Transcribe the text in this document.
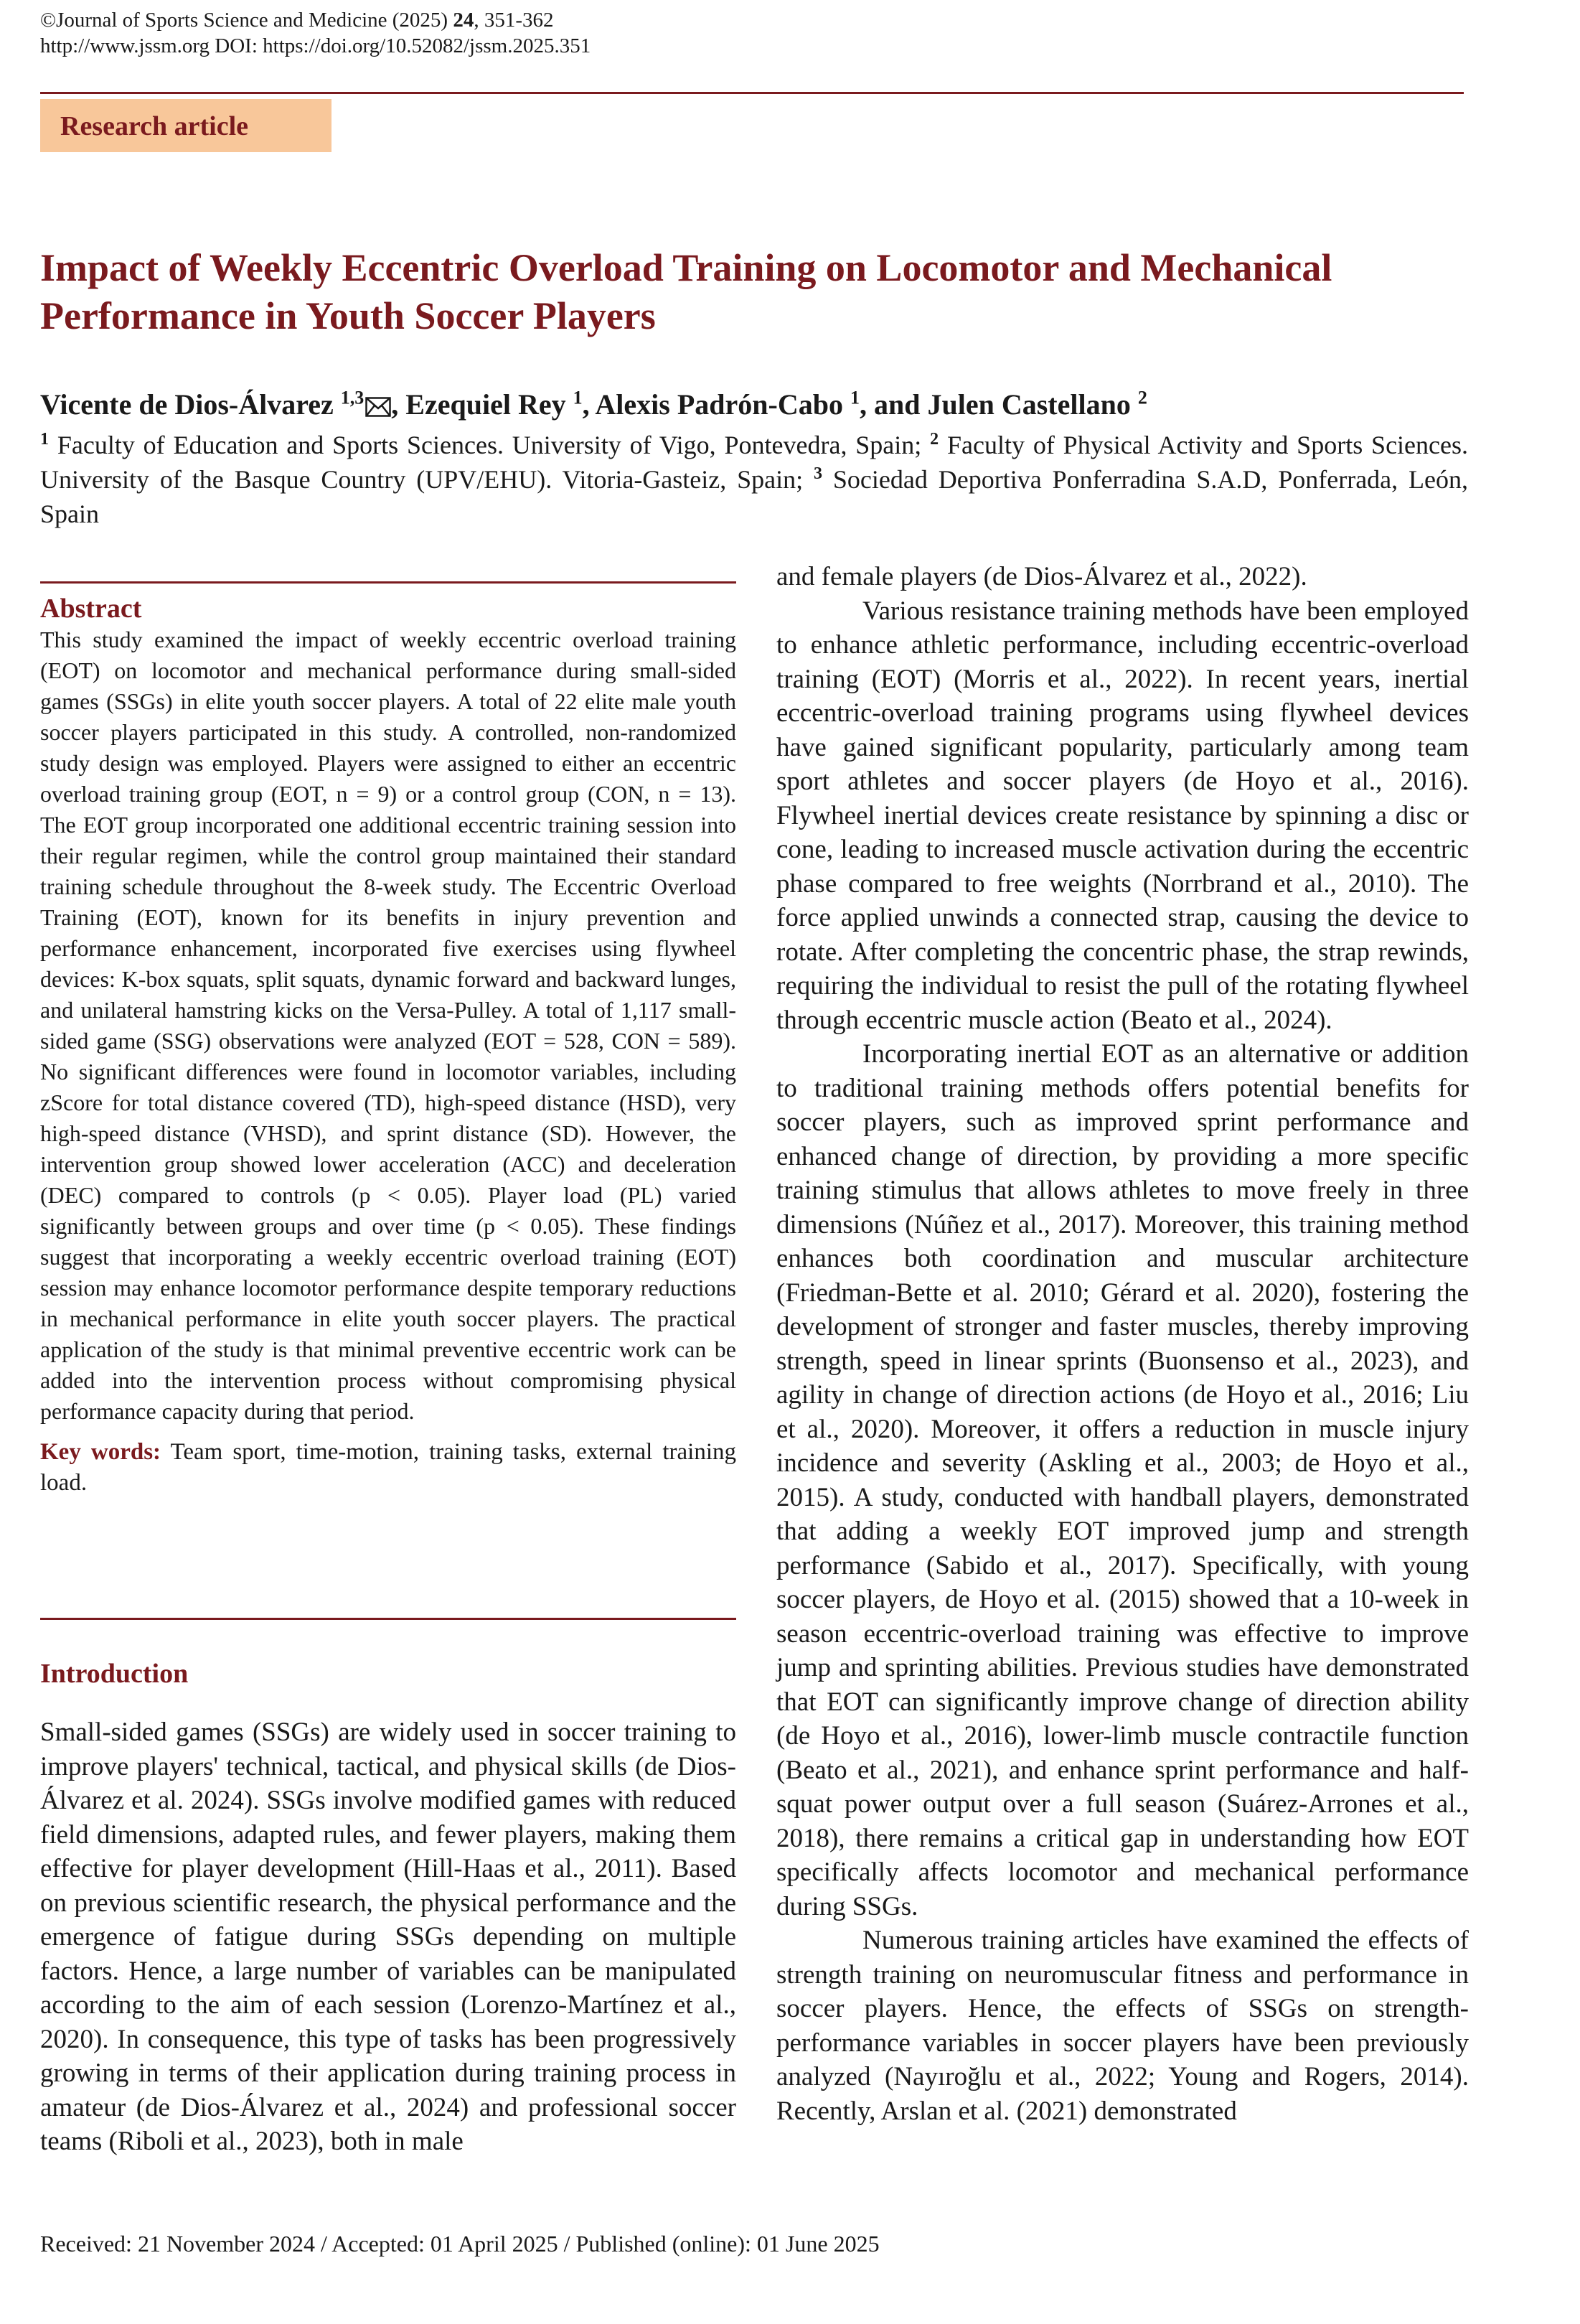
©Journal of Sports Science and Medicine (2025) 24, 351-362
http://www.jssm.org DOI: https://doi.org/10.52082/jssm.2025.351
Research article
Impact of Weekly Eccentric Overload Training on Locomotor and Mechanical Performance in Youth Soccer Players
Vicente de Dios-Álvarez $^{1,3}$ , Ezequiel Rey $^1$, Alexis Padrón-Cabo $^1$, and Julen Castellano $^2$
$^1$ Faculty of Education and Sports Sciences. University of Vigo, Pontevedra, Spain; $^2$ Faculty of Physical Activity and Sports Sciences. University of the Basque Country (UPV/EHU). Vitoria-Gasteiz, Spain; $^3$ Sociedad Deportiva Ponferradina S.A.D, Ponferrada, León, Spain
Abstract

This study examined the impact of weekly eccentric overload training (EOT) on locomotor and mechanical performance during small-sided games (SSGs) in elite youth soccer players. A total of 22 elite male youth soccer players participated in this study. A controlled, non-randomized study design was employed. Players were assigned to either an eccentric overload training group (EOT, n = 9) or a control group (CON, n = 13). The EOT group incorporated one additional eccentric training session into their regular regimen, while the control group maintained their standard training schedule throughout the 8-week study. The Eccentric Overload Training (EOT), known for its benefits in injury prevention and performance enhancement, incorporated five exercises using flywheel devices: K-box squats, split squats, dynamic forward and backward lunges, and unilateral hamstring kicks on the Versa-Pulley. A total of 1,117 small-sided game (SSG) observations were analyzed (EOT = 528, CON = 589). No significant differences were found in locomotor variables, including zScore for total distance covered (TD), high-speed distance (HSD), very high-speed distance (VHSD), and sprint distance (SD). However, the intervention group showed lower acceleration (ACC) and deceleration (DEC) compared to controls (p < 0.05). Player load (PL) varied significantly between groups and over time (p < 0.05). These findings suggest that incorporating a weekly eccentric overload training (EOT) session may enhance locomotor performance despite temporary reductions in mechanical performance in elite youth soccer players. The practical application of the study is that minimal preventive eccentric work can be added into the intervention process without compromising physical performance capacity during that period.

Key words: Team sport, time-motion, training tasks, external training load.

Introduction

Small-sided games (SSGs) are widely used in soccer training to improve players' technical, tactical, and physical skills (de Dios-Álvarez et al. 2024). SSGs involve modified games with reduced field dimensions, adapted rules, and fewer players, making them effective for player development (Hill-Haas et al., 2011). Based on previous scientific research, the physical performance and the emergence of fatigue during SSGs depending on multiple factors. Hence, a large number of variables can be manipulated according to the aim of each session (Lorenzo-Martínez et al., 2020). In consequence, this type of tasks has been progressively growing in terms of their application during training process in amateur (de Dios-Álvarez et al., 2024) and professional soccer teams (Riboli et al., 2023), both in male

and female players (de Dios-Álvarez et al., 2022).

Various resistance training methods have been employed to enhance athletic performance, including eccentric-overload training (EOT) (Morris et al., 2022). In recent years, inertial eccentric-overload training programs using flywheel devices have gained significant popularity, particularly among team sport athletes and soccer players (de Hoyo et al., 2016). Flywheel inertial devices create resistance by spinning a disc or cone, leading to increased muscle activation during the eccentric phase compared to free weights (Norrbrand et al., 2010). The force applied unwinds a connected strap, causing the device to rotate. After completing the concentric phase, the strap rewinds, requiring the individual to resist the pull of the rotating flywheel through eccentric muscle action (Beato et al., 2024).

Incorporating inertial EOT as an alternative or addition to traditional training methods offers potential benefits for soccer players, such as improved sprint performance and enhanced change of direction, by providing a more specific training stimulus that allows athletes to move freely in three dimensions (Núñez et al., 2017). Moreover, this training method enhances both coordination and muscular architecture (Friedman-Bette et al. 2010; Gérard et al. 2020), fostering the development of stronger and faster muscles, thereby improving strength, speed in linear sprints (Buonsenso et al., 2023), and agility in change of direction actions (de Hoyo et al., 2016; Liu et al., 2020). Moreover, it offers a reduction in muscle injury incidence and severity (Askling et al., 2003; de Hoyo et al., 2015). A study, conducted with handball players, demonstrated that adding a weekly EOT improved jump and strength performance (Sabido et al., 2017). Specifically, with young soccer players, de Hoyo et al. (2015) showed that a 10-week in season eccentric-overload training was effective to improve jump and sprinting abilities. Previous studies have demonstrated that EOT can significantly improve change of direction ability (de Hoyo et al., 2016), lower-limb muscle contractile function (Beato et al., 2021), and enhance sprint performance and half-squat power output over a full season (Suárez-Arrones et al., 2018), there remains a critical gap in understanding how EOT specifically affects locomotor and mechanical performance during SSGs.

Numerous training articles have examined the effects of strength training on neuromuscular fitness and performance in soccer players. Hence, the effects of SSGs on strength-performance variables in soccer players have been previously analyzed (Nayıroğlu et al., 2022; Young and Rogers, 2014). Recently, Arslan et al. (2021) demonstrated

Received: 21 November 2024 / Accepted: 01 April 2025 / Published (online): 01 June 2025
